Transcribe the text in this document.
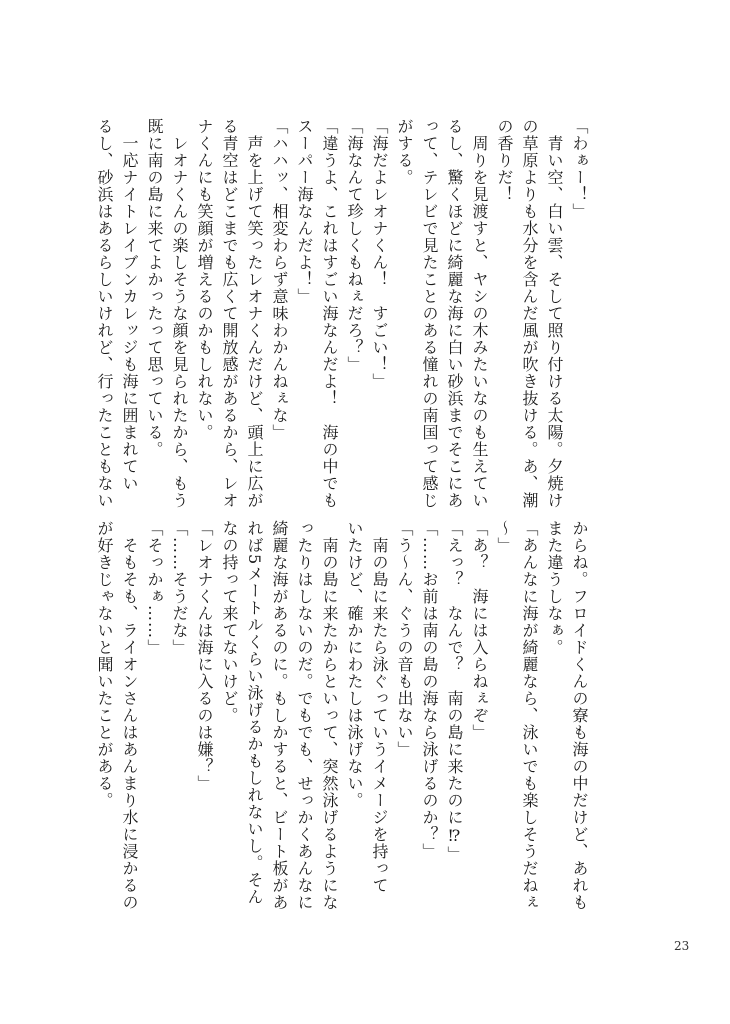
「わぁー！」
　青い空、白い雲、そして照り付ける太陽。夕焼け
の草原よりも水分を含んだ風が吹き抜ける。あ、潮
の香りだ！
　周りを見渡すと、ヤシの木みたいなのも生えてい
るし、驚くほどに綺麗な海に白い砂浜までそこにあ
って、テレビで見たことのある憧れの南国って感じ
がする。
「海だよレオナくん！　すごい！」
「海なんて珍しくもねぇだろ？」
「違うよ、これはすごい海なんだよ！　海の中でも
スーパー海なんだよ！」
「ハハッ、相変わらず意味わかんねぇな」
　声を上げて笑ったレオナくんだけど、頭上に広が
る青空はどこまでも広くて開放感があるから、レオ
ナくんにも笑顔が増えるのかもしれない。
　レオナくんの楽しそうな顔を見られたから、もう
既に南の島に来てよかったって思っている。
　一応ナイトレイブンカレッジも海に囲まれてい
るし、砂浜はあるらしいけれど、行ったこともない
からね。フロイドくんの寮も海の中だけど、あれも
また違うしなぁ。
「あんなに海が綺麗なら、泳いでも楽しそうだねぇ
〜」
「あ？　海には入らねぇぞ」
「えっ？　なんで？　南の島に来たのに⁉」
「……お前は南の島の海なら泳げるのか？」
「う〜ん、ぐうの音も出ない」
　南の島に来たら泳ぐっていうイメージを持って
いたけど、確かにわたしは泳げない。
　南の島に来たからといって、突然泳げるようにな
ったりはしないのだ。でもでも、せっかくあんなに
綺麗な海があるのに。もしかすると、ビート板があ
れば5メートルくらい泳げるかもしれないし。そん
なの持って来てないけど。
「レオナくんは海に入るのは嫌？」
「……そうだな」
「そっかぁ……」
　そもそも、ライオンさんはあんまり水に浸かるの
が好きじゃないと聞いたことがある。
23
